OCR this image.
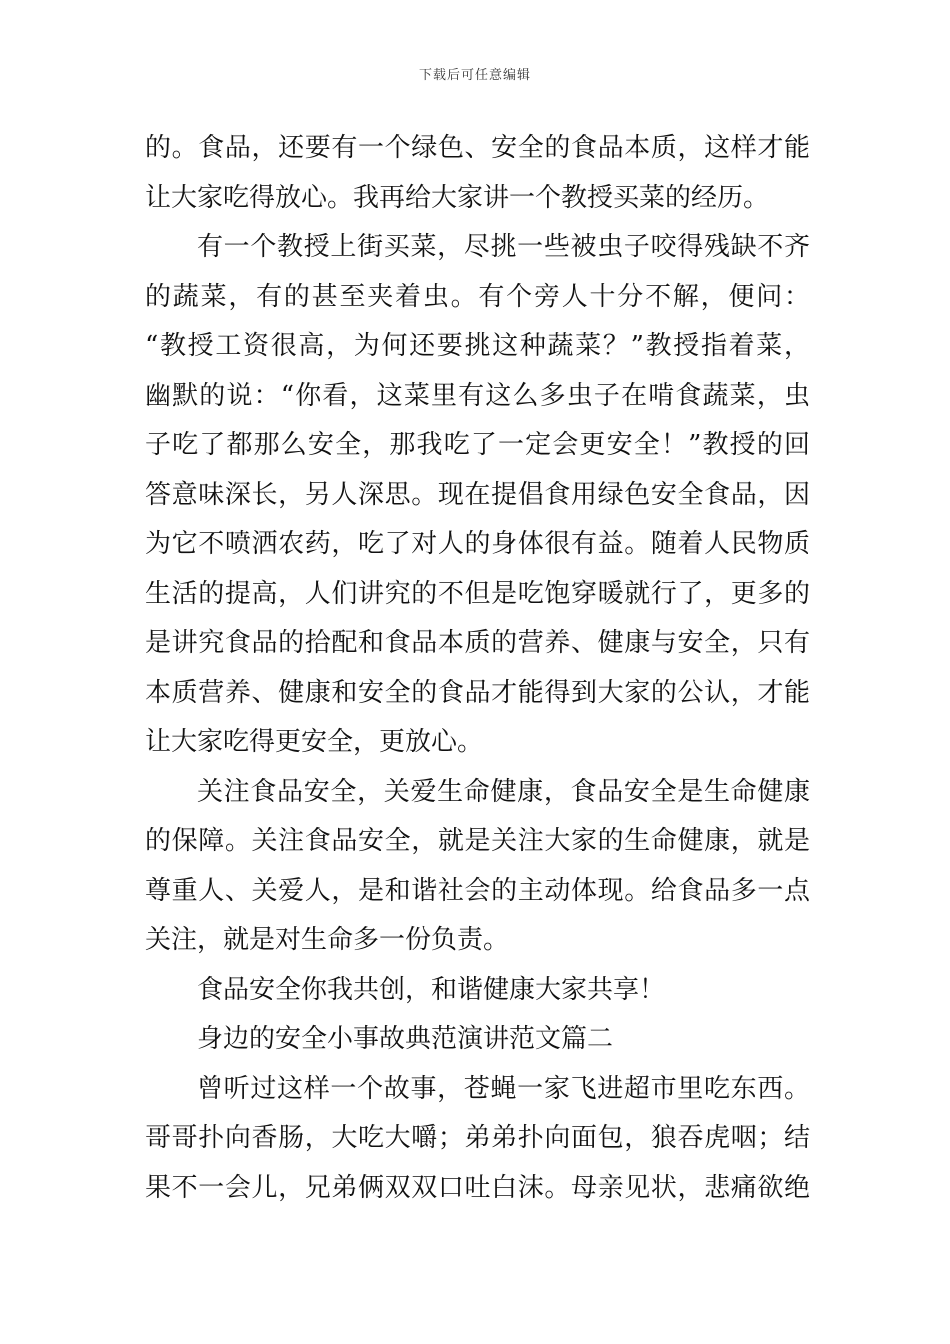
下载后可任意编辑
的。食品，还要有一个绿色、安全的食品本质，这样才能
让大家吃得放心。我再给大家讲一个教授买菜的经历。
有一个教授上街买菜，尽挑一些被虫子咬得残缺不齐
的蔬菜，有的甚至夹着虫。有个旁人十分不解，便问：
“教授工资很高，为何还要挑这种蔬菜？”教授指着菜，
幽默的说：“你看，这菜里有这么多虫子在啃食蔬菜，虫
子吃了都那么安全，那我吃了一定会更安全！”教授的回
答意味深长，另人深思。现在提倡食用绿色安全食品，因
为它不喷洒农药，吃了对人的身体很有益。随着人民物质
生活的提高，人们讲究的不但是吃饱穿暖就行了，更多的
是讲究食品的拾配和食品本质的营养、健康与安全，只有
本质营养、健康和安全的食品才能得到大家的公认，才能
让大家吃得更安全，更放心。
关注食品安全，关爱生命健康，食品安全是生命健康
的保障。关注食品安全，就是关注大家的生命健康，就是
尊重人、关爱人，是和谐社会的主动体现。给食品多一点
关注，就是对生命多一份负责。
食品安全你我共创，和谐健康大家共享！
身边的安全小事故典范演讲范文篇二
曾听过这样一个故事，苍蝇一家飞进超市里吃东西。
哥哥扑向香肠，大吃大嚼；弟弟扑向面包，狼吞虎咽；结
果不一会儿，兄弟俩双双口吐白沫。母亲见状，悲痛欲绝
